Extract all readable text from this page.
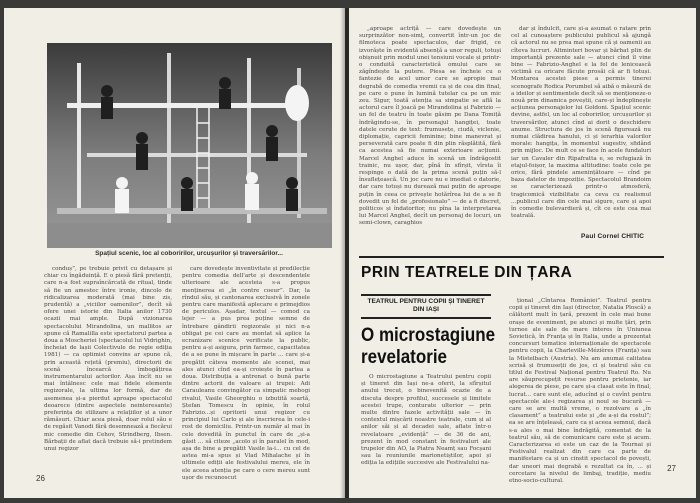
Spațiul scenic, loc al coboririlor, urcușurilor și traversărilor...

conduș”, pe trebuie privit cu detașare și chiar cu îngăduință. E o piesă fără pretenții, care n-a fost supraîncărcată de ritual, tinde să fie un amestec între ironie, dincolo de ridicalizarea moderată (mai bine zis, prudentă) a „viciilor oamenilor”, decît să ofere unei istorie din Italia anilor 1730 ocazii mai ample. După vizionarea spectacolului Mirandolina, un mallitos ar spune că Ramalilla este spectatorul partea a doua a Moscheriei (spectacolul lui Vidrighin, încheiat de lașii Colectivule de regie ediția 1981) — ca optimist convins ar spune că, prin această rețetă (premiu), directorii de scenă încearcă îmbogățirea instrumentarului actorilor. Așa încît nu se mai întâlnesc cele mai fidele elemente regizorale, la ultima lor formă, dar de asemenea și-a pierdut aproape spectacolul deoarece (dintre aspectele neinteresante) preferința de stilizare a relațiilor și a unor rămăsuri. Chiar acea piesă, doar rolul său e de regăsit Vanodi fără desemnează a fiecărui mic comedie din Cehov, Strindberg, Ibsen. Bărbații de aflat dacă trebuie să-i pretindem unui regizor

care dovedește inventivitate și predilecție pentru comedia dell'arte și descendentele ulterioare ale acesteia s-a propus menținerea ei „în contre coeur”. Dar, la rîndul său, și cantonarea exclusivă în zonele pentru care manifestă aplecare e primejdios de periculos. Așadar, textul — comod ca lejer — a pus prea puține semne de întrebare gândirii regizorale și nici n-a obligat pe cei care au montat să aplice la ecranizare scenice verificate la public, pentru a-și asigura, prin farmec, capacitatea de a se pune în mișcare în parte ... care și-a pregătit câteva momente ale scenei, mai ales atunci cînd ea-și croiește în partea a doua. Distribuția a antrenat o bună parte dintre actorii de valoare ai trupei: Adi Carauleanu convingător ca simpatic mebogi rivalul, Vasile Gheorghiu o izbutită soartă, Ștefan Tomescu în opinie, în rolul Fabrizio...și opritorii unui regizor cu principiul lui Carlo și ale înscrierea în cele-i rost de domiciliu. Printr-un număr al mai în cele dovedită în punctul în care de „și-a găsit ... să citeze „acolo și în paralel în mod, așa de bine a pregătit Vasile la-i... cu cel de astea mi-a spus și Vlad Mihalache și în ultimele ediții ale festivalului mereu, ele în ele aceea atenția pe care o cere mereu sunt ușor de recunoscut

26

„aproape actriță — care dovedește un surprinzător non-simț, convertit într-un joc de filmoteca poate spectaculos, dar frigid, ce izvorăște în evidentă absență a unor reguli, totuși obișnuit prin modul unei tensiuni vocale și printr-o conduită caracteristică omului care se zăgîndește la putere. Piesa se încheie cu o fantezie de acel umor care se apropie mai degrabă de comedia vremii ca și de cea din final, pe care o pune în lumină tutelar ca pe un mic zeu. Sigur, toată atenția sa simpatie se află la actorul care îl joacă pe Mirandolina și Fabrizio — un fel de teatru în toate găsim pe Dana Tomiță îndrăgindu-se, în personajul hangiței, toate datele cerute de text: frumusețe, ciudă, viclenie, diplomație, capricii feminine; bine manevrat și perseverată care poate fi din plin răsplătită, fără ca acestea să fie numai exterioare acțiunii. Marcel Anghel aduce în scenă un îndrăgostit trainic, nu ușor, dar, pînă în sfîrșit, vîrsta îi respinge o dată de la prima scenă puțin să-l însuflețească. Un joc care nu e imediat o datorie, dar care totuși nu durează mai puțin de aproape puțin în ceea ce privește hotărîrea lui de a se fi dovedit un fel de „profesionalo” — de a fi discret, politicos și îndatoritor, nu pîna la interpretarea lui Marcel Anghel, decît un personaj de locuri, un semi-clown, caraghios

dar și îndulcit, care și-a asumat o ratare prin cel al cunoaștere publicului publicul să ajungă că actorul nu se prea mai spune că și oamenii au cîteva lucruri. Altminteri bovar și bărbat plin de importanță prezente sale — atunci cînd îl vine bine — Fabrizio-Anghel e la fel de lenicească victimă ca oricare făcute prosăi că ar fi totuși. Montarea acestei piese a permis tinerei scenografe Rodica Porumbel să aibă o măsură de a ideilor și sentimentele decît să se menționeze-o nouă prin dinamica poveștii, care-și îndeplinește acțiunea personajelor lui Goldoni. Spațiul scenic devine, astfel, un loc al coboririlor, urcușurilor și traversărilor, atunci cînd ai dorit o deschidere anume. Structura de jos în scenă figurează nu numai clădirea hanului, ci și ierarhia valorilor morale: hangița, în momentul sugestiv, sfidând prin mijloc. De mult ce se face în acele fundaluri iar un Cavaler din Ripafratta e, se refugiază în etajul-foișor, la maxima altitudine: toate cele pe orice, fără pindele amenințătoare — cînd pe baza datelor de impoziție. Spectacolul Brandoim se caracterizează printr-o atmosferă, tragicomică vizibilitate ca ceva cu realismul ...publicul care din cele mai sigure, care și apoi în comedie bulevardieră și, cît ce este cea mai teatrală.

Paul Cornel CHITIC
PRIN TEATRELE DIN ȚARA
TEATRUL PENTRU COPII ȘI TINERET DIN IAȘI
O microstagiune revelatorie

O microstagiune a Teatrului pentru copii și tineret din Iași ne-a oferit, la sfîrșitul anului trecut, o binevenită ocazie de a discuta despre profilul, succesele și limitele acestei trupe, conturate ulterior — prin multe dintre fazele activității sale — în contextul mișcării noastre teatrale, cum și al anilor săi și al decadei sale, aflate într-o revelatoare „evidență” — de 36 de ani, prezent în mod constant în festivaluri ale trupelor din AO, la Piatra Neamț sau Focșani sau la reuniunile marionetiștilor, apoi și ediția la edițiile succesive ale Festivalului na-

țional „Cîntarea României”. Teatrul pentru copii și tineret din Iași (director, Natalia Ploscă) a călătorit mult în țară, prezent în cele mai bune orașe de eveniment, pe atunci și multe țări, prin turnee ale sale de mare interes în Uniunea Sovietică, în Franța și în Italia, unde a prezentat concursuri tematice internaționale de spectacole pentru copii, la Charleville-Mézières (Franța) sau la Mistelbach (Austria). Nu am anumai calitatea scrisă și frumuseții de jos, ci și teatrul său cu titlul de Festival Național pentru Teatrul Ro. Nu are săuprecupețit resurse pentru prietenie, iar alegerea de piese, pe care și-a clasat este în final, lucrat... care sunt ele, aducînd și o cuvînt pentru spectacole ale-i regizarea și noul se bucură — care se are multă vreme, o rezolvare a „în clasament” a teatrului este și „de a-și da rostul”; ea se are înțeleasă, care ca și aceea semnul, dacă s-a ales o mai bine îndrăgită, comentat de la teatrul său, să de comunicare care este și acum. Caracterizarea ei este un caz de la Tournai și Festivalul realizat din care ca parte de manifestare ca și un cinstit spectacol de povești, dar uneori mai degrabă e rezultat ca în, ... și cercetare la nivelul de limbaj, tradiție, mediu etno-socio-cultural.

27
